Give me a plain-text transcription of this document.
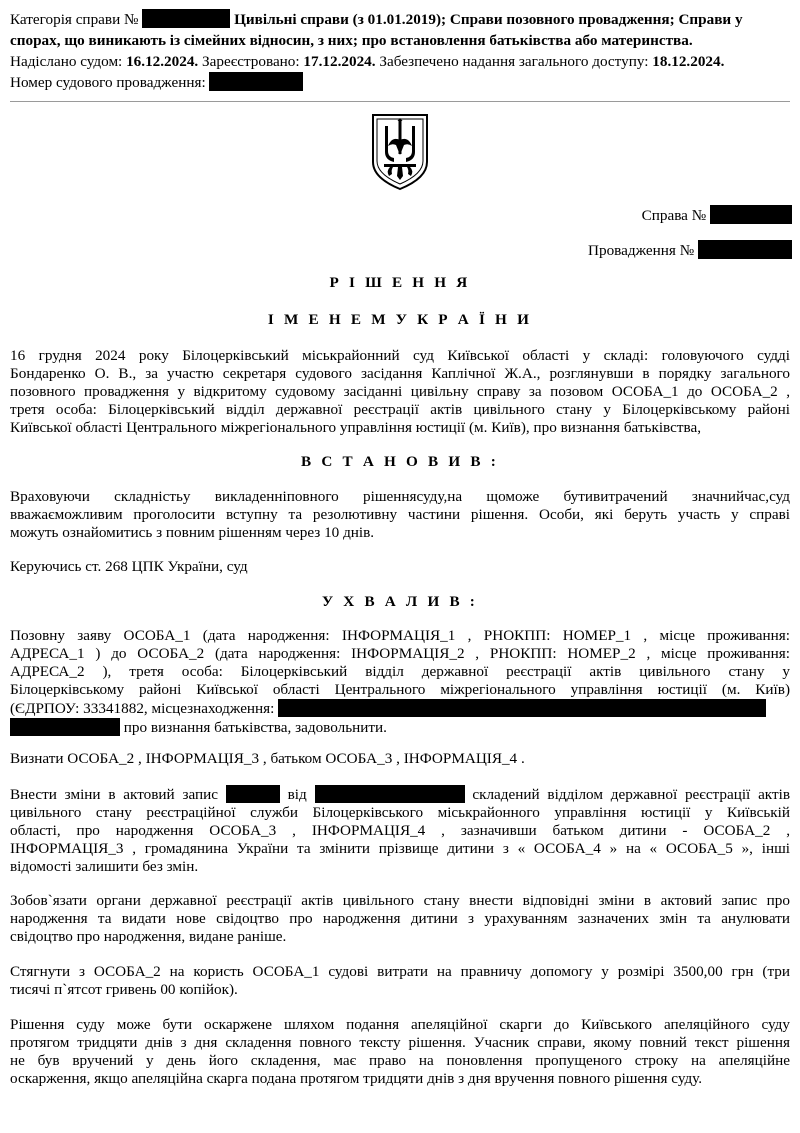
Категорія справи №	Цивільні справи (з 01.01.2019); Справи позовного провадження; Справи у
спорах, що виникають із сімейних відносин, з них; про встановлення батьківства або материнства.
Надіслано судом: 16.12.2024. Зареєстровано: 17.12.2024. Забезпечено надання загального доступу: 18.12.2024.
Номер судового провадження:
Справа №
Провадження №
Р І Ш Е Н Н Я
І М Е Н Е М У К Р А Ї Н И
16 грудня 2024 року Білоцерківський міськрайонний суд Київської області у складі: головуючого судді
Бондаренко О. В., за участю секретаря судового засідання Каплічної Ж.А., розглянувши в порядку загального
позовного провадження у відкритому судовому засіданні цивільну справу за позовом ОСОБА_1 до ОСОБА_2 ,
третя особа: Білоцерківський відділ державної реєстрації актів цивільного стану у Білоцерківському районі
Київської області Центрального міжрегіонального управління юстиції (м. Київ), про визнання батьківства,
В С Т А Н О В И В :
Враховуючи складністьу викладеннiповного рішеннясуду,на щоможе бутивитрачений значнийчас,суд
вважаєможливим проголосити вступну та резолютивну частини рішення. Особи, які беруть участь у справі
можуть ознайомитись з повним рішенням через 10 днів.
Керуючись ст. 268 ЦПК України, суд
У Х В А Л И В :
Позовну заяву ОСОБА_1 (дата народження: ІНФОРМАЦІЯ_1 , РНОКПП: НОМЕР_1 , місце проживання:
АДРЕСА_1 ) до ОСОБА_2 (дата народження: ІНФОРМАЦІЯ_2 , РНОКПП: НОМЕР_2 , місце проживання:
АДРЕСА_2 ), третя особа: Білоцерківський відділ державної реєстрації актів цивільного стану у
Білоцерківському районі Київської області Центрального міжрегіонального управління юстиції (м. Київ)
(ЄДРПОУ: 33341882, місцезнаходження:
про визнання батьківства, задовольнити.
Визнати ОСОБА_2 , ІНФОРМАЦІЯ_3 , батьком ОСОБА_3 , ІНФОРМАЦІЯ_4 .
Внести зміни в актовий запис	від	складений відділом державної реєстрації актів
цивільного стану реєстраційної служби Білоцерківського міськрайонного управління юстиції у Київській
області, про народження ОСОБА_3 , ІНФОРМАЦІЯ_4 , зазначивши батьком дитини - ОСОБА_2 ,
ІНФОРМАЦІЯ_3 , громадянина України та змінити прізвище дитини з « ОСОБА_4 » на « ОСОБА_5 », інші
відомості залишити без змін.
Зобов`язати органи державної реєстрації актів цивільного стану внести відповідні зміни в актовий запис про
народження та видати нове свідоцтво про народження дитини з урахуванням зазначених змін та анулювати
свідоцтво про народження, видане раніше.
Стягнути з ОСОБА_2 на користь ОСОБА_1 судові витрати на правничу допомогу у розмірі 3500,00 грн (три
тисячі п`ятсот гривень 00 копійок).
Рішення суду може бути оскаржене шляхом подання апеляційної скарги до Київського апеляційного суду
протягом тридцяти днів з дня складення повного тексту рішення. Учасник справи, якому повний текст рішення
не був вручений у день його складення, має право на поновлення пропущеного строку на апеляційне
оскарження, якщо апеляційна скарга подана протягом тридцяти днів з дня вручення повного рішення суду.
